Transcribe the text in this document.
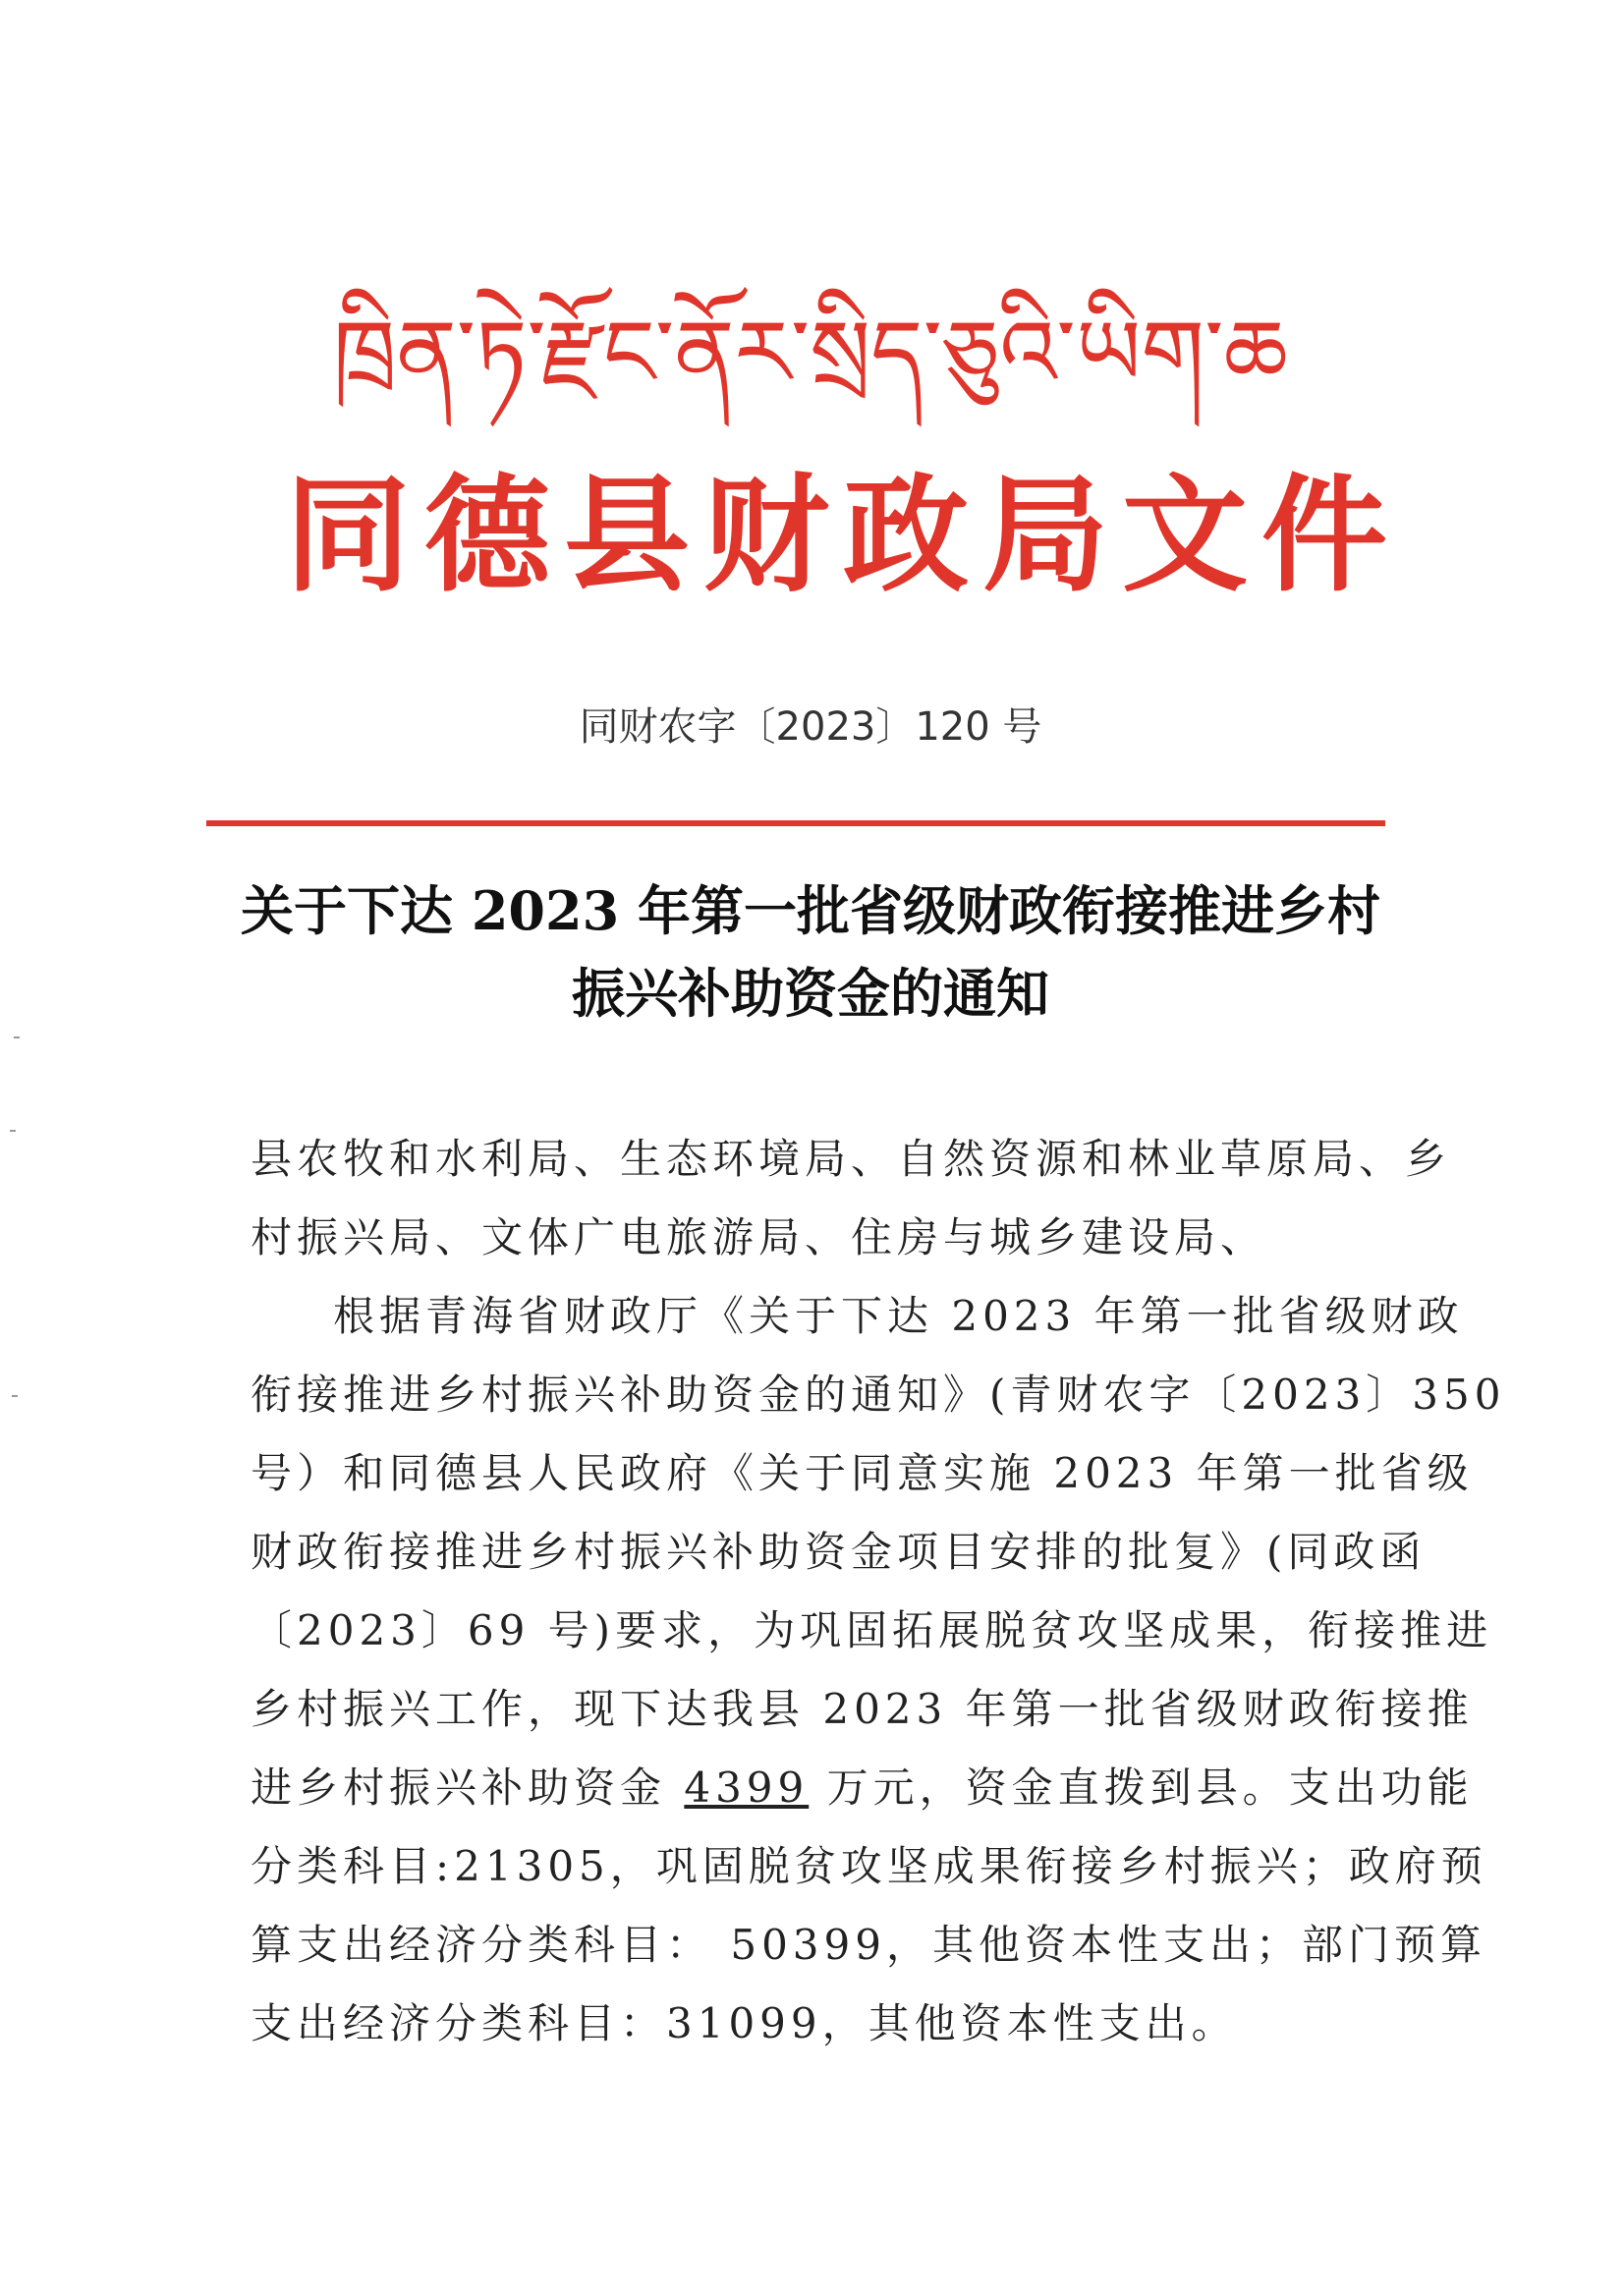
ཁྲིན་ཏེ་རྫོང་ནོར་སྲིད་ཅུའི་ཡིག་ཆ
同德县财政局文件
同财农字〔2023〕120 号
关于下达 2023 年第一批省级财政衔接推进乡村
振兴补助资金的通知
县农牧和水利局、生态环境局、自然资源和林业草原局、乡
村振兴局、文体广电旅游局、住房与城乡建设局、
根据青海省财政厅《关于下达 2023 年第一批省级财政
衔接推进乡村振兴补助资金的通知》(青财农字〔2023〕350
号）和同德县人民政府《关于同意实施 2023 年第一批省级
财政衔接推进乡村振兴补助资金项目安排的批复》(同政函
〔2023〕69 号)要求，为巩固拓展脱贫攻坚成果，衔接推进
乡村振兴工作，现下达我县 2023 年第一批省级财政衔接推
进乡村振兴补助资金 4399 万元，资金直拨到县。支出功能
分类科目:21305，巩固脱贫攻坚成果衔接乡村振兴；政府预
算支出经济分类科目： 50399，其他资本性支出；部门预算
支出经济分类科目：31099，其他资本性支出。
